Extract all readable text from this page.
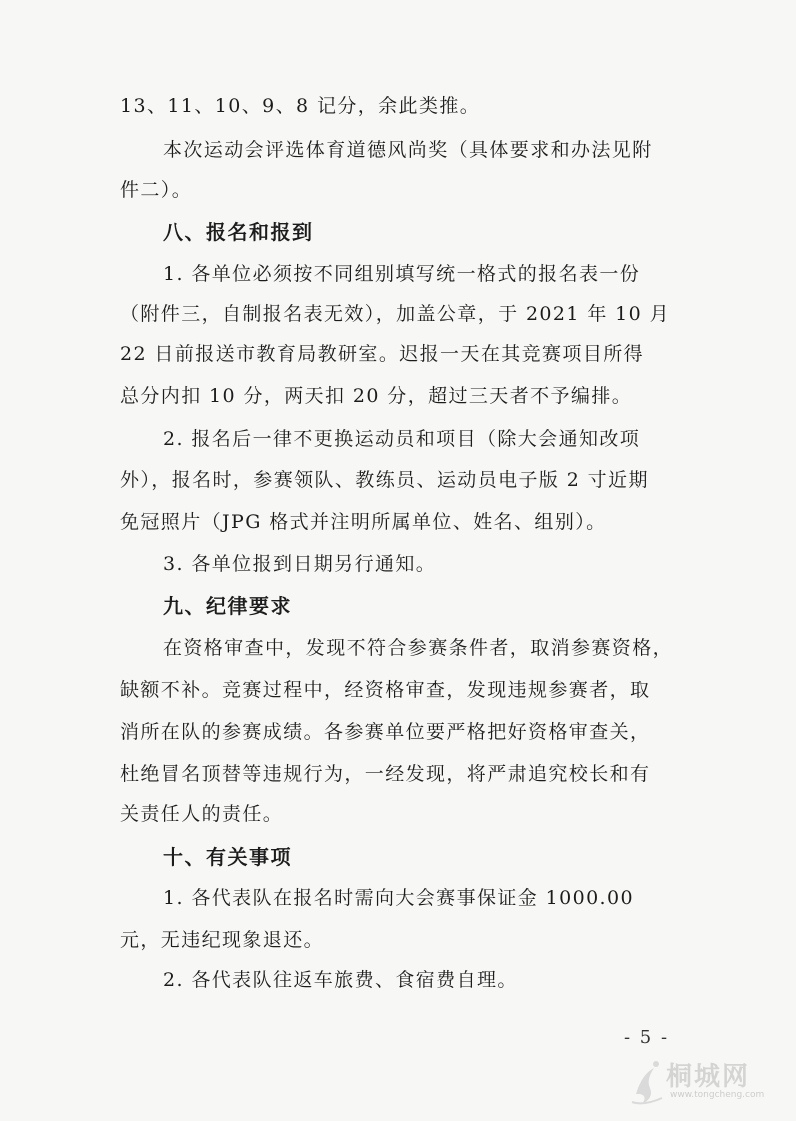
13、11、10、9、8 记分，余此类推。
本次运动会评选体育道德风尚奖（具体要求和办法见附
件二）。
八、报名和报到
1. 各单位必须按不同组别填写统一格式的报名表一份
（附件三，自制报名表无效），加盖公章，于 2021 年 10 月
22 日前报送市教育局教研室。迟报一天在其竞赛项目所得
总分内扣 10 分，两天扣 20 分，超过三天者不予编排。
2. 报名后一律不更换运动员和项目（除大会通知改项
外），报名时，参赛领队、教练员、运动员电子版 2 寸近期
免冠照片（JPG 格式并注明所属单位、姓名、组别）。
3. 各单位报到日期另行通知。
九、纪律要求
在资格审查中，发现不符合参赛条件者，取消参赛资格，
缺额不补。竞赛过程中，经资格审查，发现违规参赛者，取
消所在队的参赛成绩。各参赛单位要严格把好资格审查关，
杜绝冒名顶替等违规行为，一经发现，将严肃追究校长和有
关责任人的责任。
十、有关事项
1. 各代表队在报名时需向大会赛事保证金 1000.00
元，无违纪现象退还。
2. 各代表队往返车旅费、食宿费自理。
- 5 -
桐城网
www.tongcheng.com
